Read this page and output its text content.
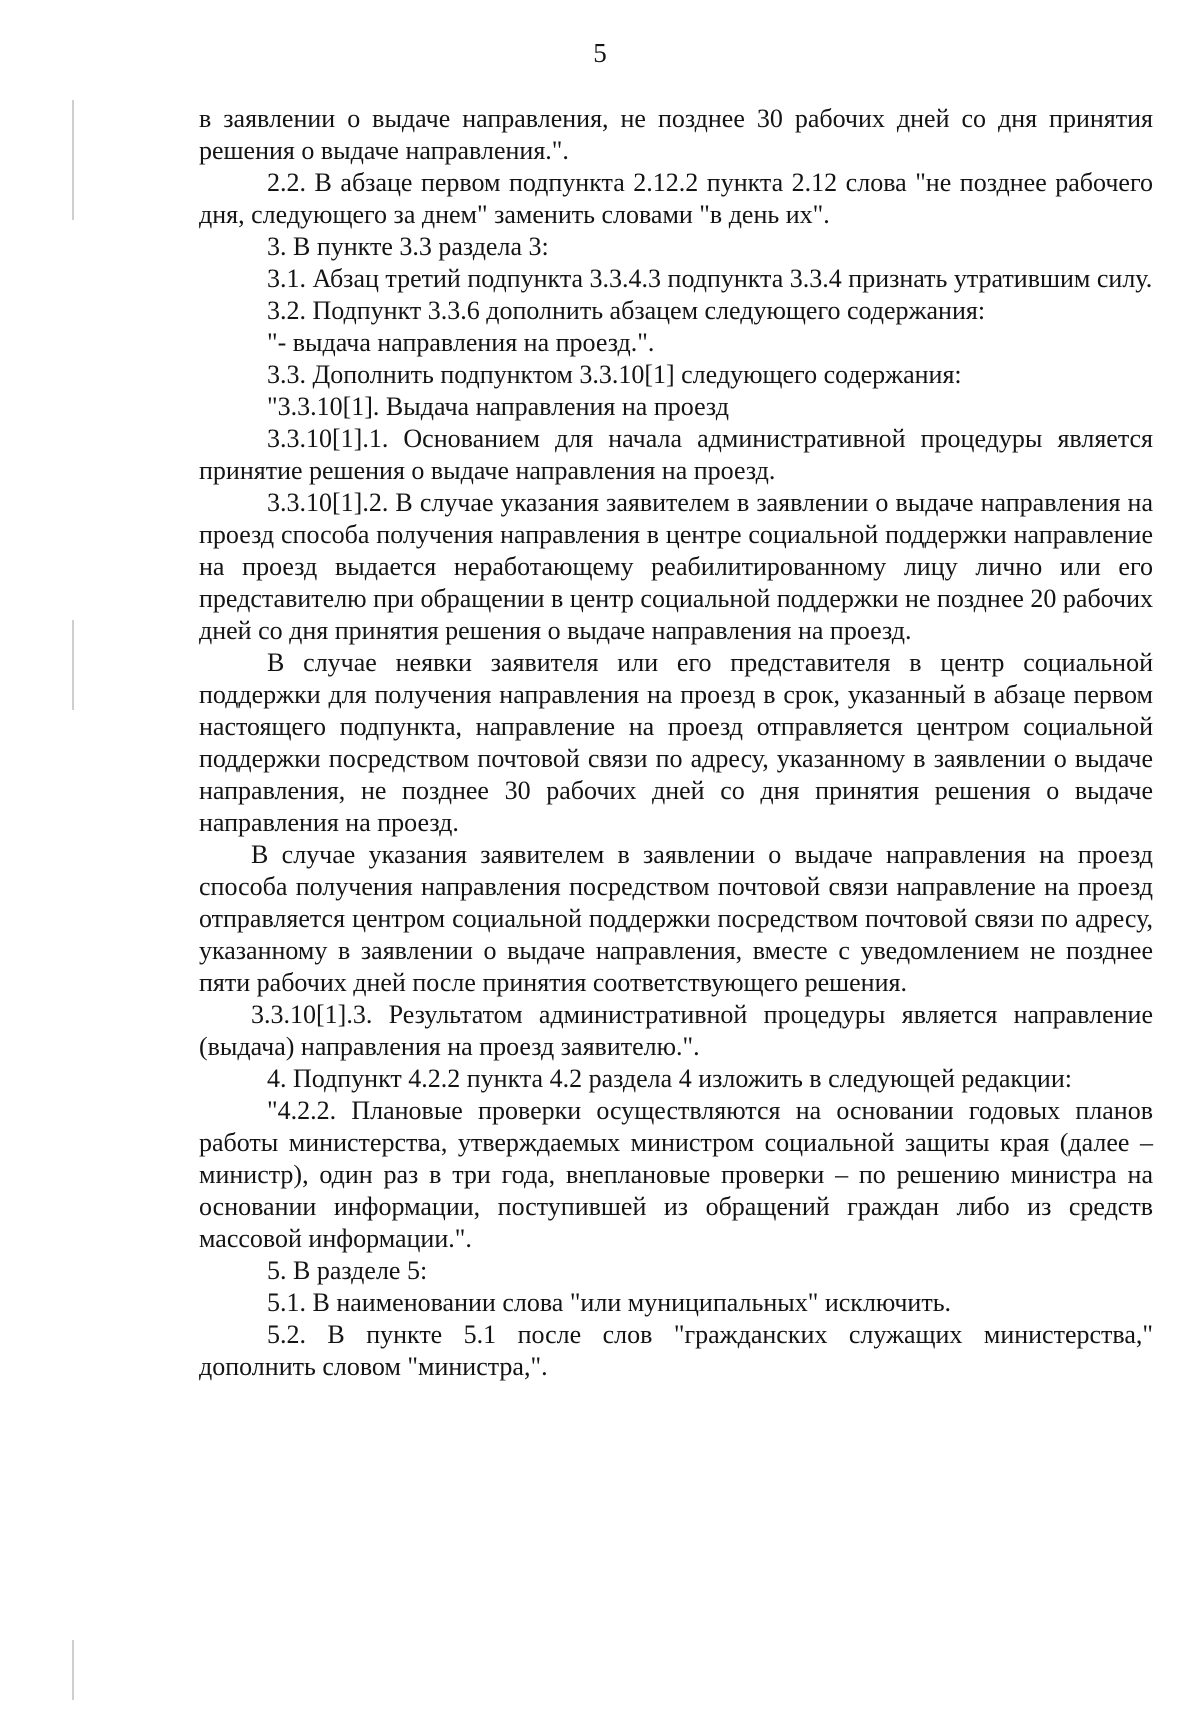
5

в заявлении о выдаче направления, не позднее 30 рабочих дней со дня принятия решения о выдаче направления.".

2.2. В абзаце первом подпункта 2.12.2 пункта 2.12 слова "не позднее рабочего дня, следующего за днем" заменить словами "в день их".

3. В пункте 3.3 раздела 3:

3.1. Абзац третий подпункта 3.3.4.3 подпункта 3.3.4 признать утратившим силу.

3.2. Подпункт 3.3.6 дополнить абзацем следующего содержания:

"- выдача направления на проезд.".

3.3. Дополнить подпунктом 3.3.10[1] следующего содержания:

"3.3.10[1]. Выдача направления на проезд

3.3.10[1].1. Основанием для начала административной процедуры является принятие решения о выдаче направления на проезд.

3.3.10[1].2. В случае указания заявителем в заявлении о выдаче направления на проезд способа получения направления в центре социальной поддержки направление на проезд выдается неработающему реабилитированному лицу лично или его представителю при обращении в центр социальной поддержки не позднее 20 рабочих дней со дня принятия решения о выдаче направления на проезд.

В случае неявки заявителя или его представителя в центр социальной поддержки для получения направления на проезд в срок, указанный в абзаце первом настоящего подпункта, направление на проезд отправляется центром социальной поддержки посредством почтовой связи по адресу, указанному в заявлении о выдаче направления, не позднее 30 рабочих дней со дня принятия решения о выдаче направления на проезд.

В случае указания заявителем в заявлении о выдаче направления на проезд способа получения направления посредством почтовой связи направление на проезд отправляется центром социальной поддержки посредством почтовой связи по адресу, указанному в заявлении о выдаче направления, вместе с уведомлением не позднее пяти рабочих дней после принятия соответствующего решения.

3.3.10[1].3. Результатом административной процедуры является направление (выдача) направления на проезд заявителю.".

4. Подпункт 4.2.2 пункта 4.2 раздела 4 изложить в следующей редакции:

"4.2.2. Плановые проверки осуществляются на основании годовых планов работы министерства, утверждаемых министром социальной защиты края (далее – министр), один раз в три года, внеплановые проверки – по решению министра на основании информации, поступившей из обращений граждан либо из средств массовой информации.".

5. В разделе 5:

5.1. В наименовании слова "или муниципальных" исключить.

5.2. В пункте 5.1 после слов "гражданских служащих министерства," дополнить словом "министра,".
